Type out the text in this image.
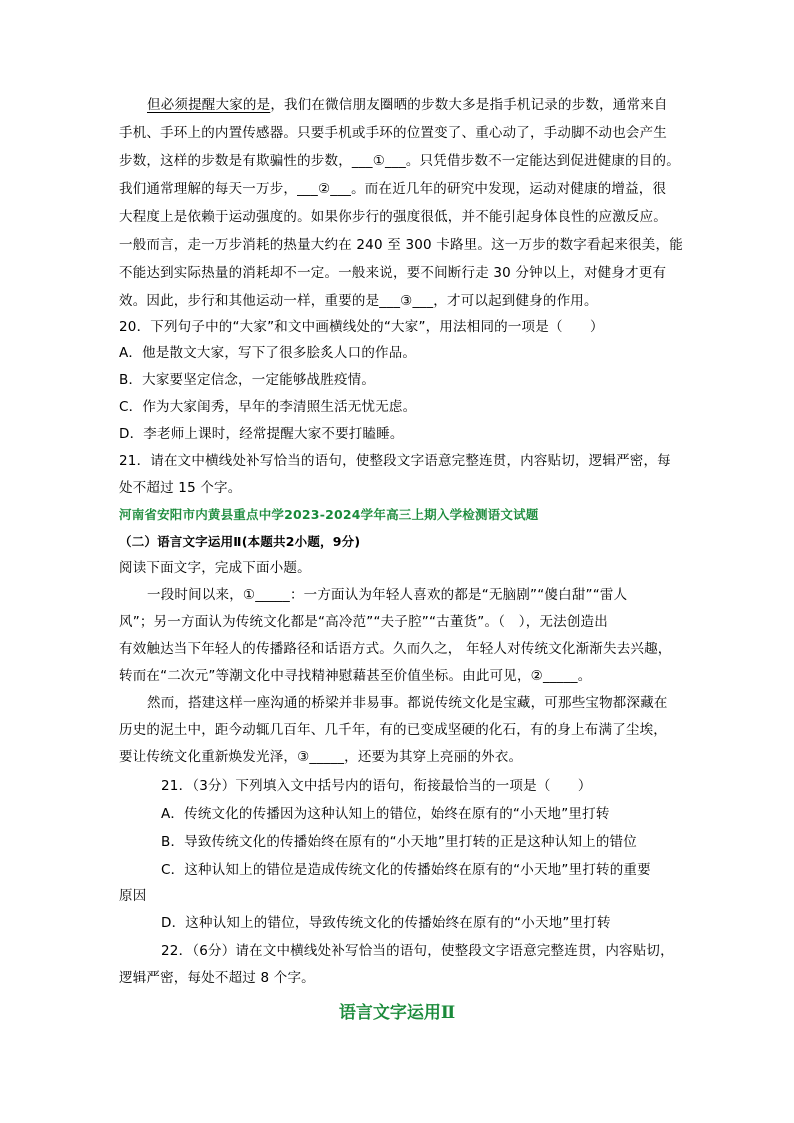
但必须提醒大家的是，我们在微信朋友圈晒的步数大多是指手机记录的步数，通常来自
手机、手环上的内置传感器。只要手机或手环的位置变了、重心动了，手动脚不动也会产生
步数，这样的步数是有欺骗性的步数，___①___。只凭借步数不一定能达到促进健康的目的。
我们通常理解的每天一万步，___②___。而在近几年的研究中发现，运动对健康的增益，很
大程度上是依赖于运动强度的。如果你步行的强度很低，并不能引起身体良性的应激反应。
一般而言，走一万步消耗的热量大约在 240 至 300 卡路里。这一万步的数字看起来很美，能
不能达到实际热量的消耗却不一定。一般来说，要不间断行走 30 分钟以上，对健身才更有
效。因此，步行和其他运动一样，重要的是___③___，才可以起到健身的作用。
20．下列句子中的“大家”和文中画横线处的“大家”，用法相同的一项是（　　）
A．他是散文大家，写下了很多脍炙人口的作品。
B．大家要坚定信念，一定能够战胜疫情。
C．作为大家闺秀，早年的李清照生活无忧无虑。
D．李老师上课时，经常提醒大家不要打瞌睡。
21．请在文中横线处补写恰当的语句，使整段文字语意完整连贯，内容贴切，逻辑严密，每
处不超过 15 个字。
河南省安阳市内黄县重点中学2023-2024学年高三上期入学检测语文试题
（二）语言文字运用Ⅱ(本题共2小题，9分)
阅读下面文字，完成下面小题。
一段时间以来，①_____：一方面认为年轻人喜欢的都是“无脑剧”“傻白甜”“雷人
风”；另一方面认为传统文化都是“高冷范”“夫子腔”“古董货”。（　），无法创造出
有效触达当下年轻人的传播路径和话语方式。久而久之， 年轻人对传统文化渐渐失去兴趣，
转而在“二次元”等潮文化中寻找精神慰藉甚至价值坐标。由此可见，②_____。
然而，搭建这样一座沟通的桥梁并非易事。都说传统文化是宝藏，可那些宝物都深藏在
历史的泥土中，距今动辄几百年、几千年，有的已变成坚硬的化石，有的身上布满了尘埃，
要让传统文化重新焕发光泽，③_____，还要为其穿上亮丽的外衣。
21．（3分）下列填入文中括号内的语句，衔接最恰当的一项是（　　）
A．传统文化的传播因为这种认知上的错位，始终在原有的“小天地”里打转
B．导致传统文化的传播始终在原有的“小天地”里打转的正是这种认知上的错位
C．这种认知上的错位是造成传统文化的传播始终在原有的“小天地”里打转的重要
原因
D．这种认知上的错位，导致传统文化的传播始终在原有的“小天地”里打转
22．（6分）请在文中横线处补写恰当的语句，使整段文字语意完整连贯，内容贴切，
逻辑严密，每处不超过 8 个字。
语言文字运用Ⅱ
